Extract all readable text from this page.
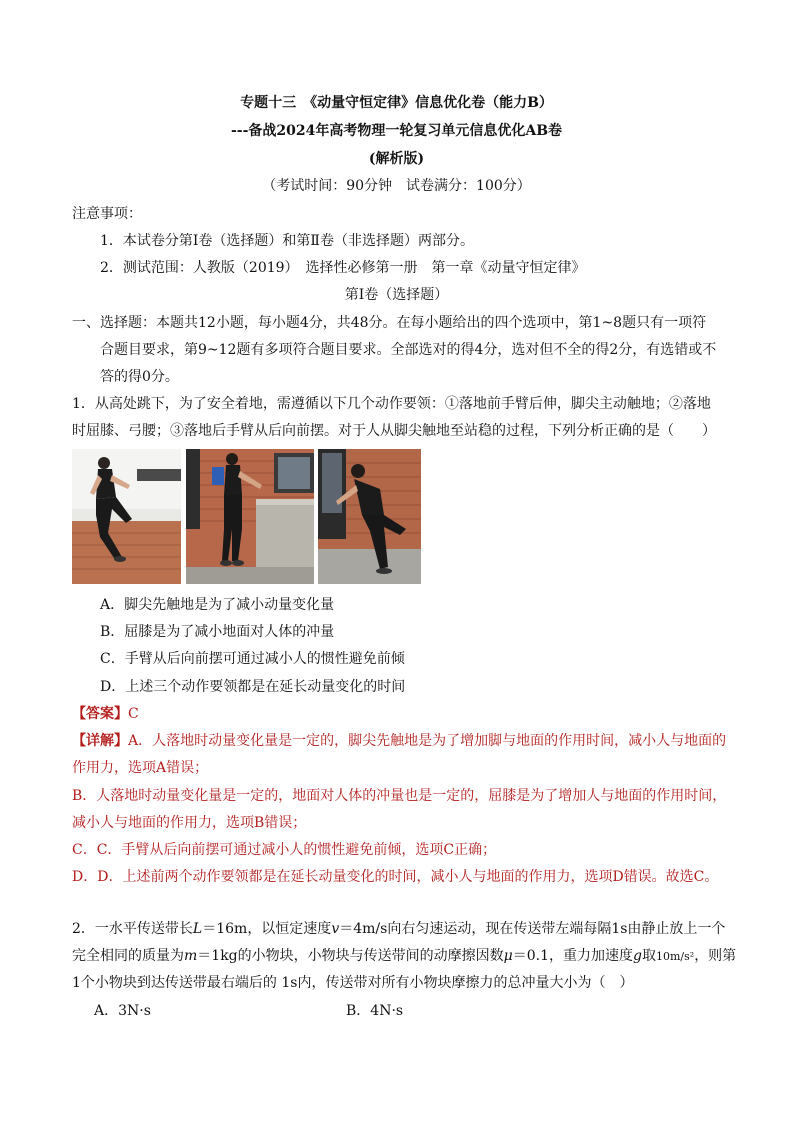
专题十三　《动量守恒定律》信息优化卷（能力B）
---备战2024年高考物理一轮复习单元信息优化AB卷
(解析版)
（考试时间：90分钟　试卷满分：100分）
注意事项：
1．本试卷分第Ⅰ卷（选择题）和第Ⅱ卷（非选择题）两部分。
2．测试范围：人教版（2019）　选择性必修第一册　第一章《动量守恒定律》
第Ⅰ卷（选择题）
一、选择题：本题共12小题，每小题4分，共48分。在每小题给出的四个选项中，第1~8题只有一项符
合题目要求，第9~12题有多项符合题目要求。全部选对的得4分，选对但不全的得2分，有选错或不
答的得0分。
1．从高处跳下，为了安全着地，需遵循以下几个动作要领：①落地前手臂后伸，脚尖主动触地；②落地
时屈膝、弓腰；③落地后手臂从后向前摆。对于人从脚尖触地至站稳的过程，下列分析正确的是（　　）
A．脚尖先触地是为了减小动量变化量
B．屈膝是为了减小地面对人体的冲量
C．手臂从后向前摆可通过减小人的惯性避免前倾
D．上述三个动作要领都是在延长动量变化的时间
【答案】C
【详解】A．人落地时动量变化量是一定的，脚尖先触地是为了增加脚与地面的作用时间，减小人与地面的
作用力，选项A错误；
B．人落地时动量变化量是一定的，地面对人体的冲量也是一定的，屈膝是为了增加人与地面的作用时间，
减小人与地面的作用力，选项B错误；
C．C．手臂从后向前摆可通过减小人的惯性避免前倾，选项C正确；
D．D．上述前两个动作要领都是在延长动量变化的时间，减小人与地面的作用力，选项D错误。故选C。
2．一水平传送带长L＝16m，以恒定速度v＝4m/s向右匀速运动，现在传送带左端每隔1s由静止放上一个
完全相同的质量为m＝1kg的小物块，小物块与传送带间的动摩擦因数μ＝0.1，重力加速度g取10m/s²，则第
1个小物块到达传送带最右端后的 1s内，传送带对所有小物块摩擦力的总冲量大小为（　）
A．3N·s	B．4N·s
